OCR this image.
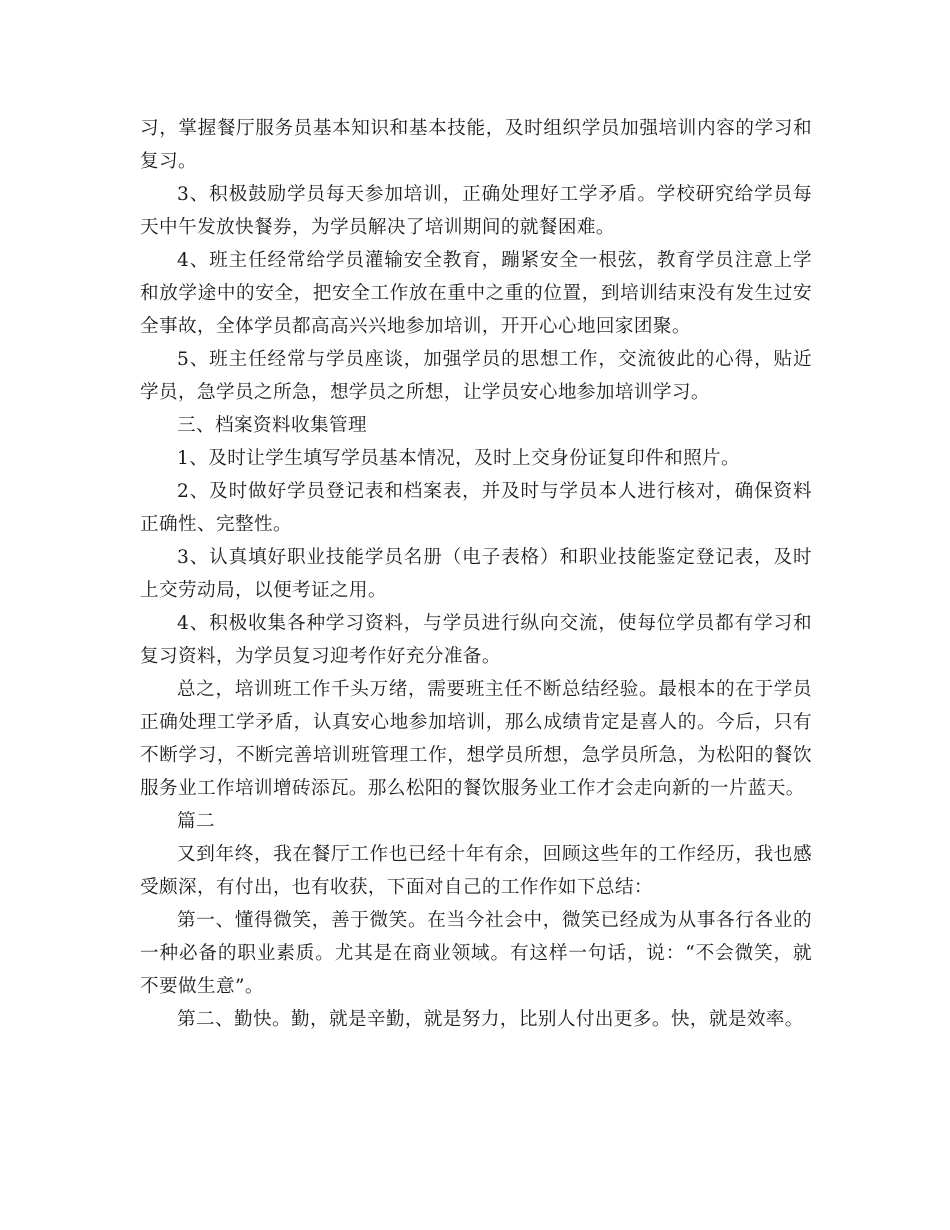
习，掌握餐厅服务员基本知识和基本技能，及时组织学员加强培训内容的学习和复习。

3、积极鼓励学员每天参加培训，正确处理好工学矛盾。学校研究给学员每天中午发放快餐券，为学员解决了培训期间的就餐困难。

4、班主任经常给学员灌输安全教育，蹦紧安全一根弦，教育学员注意上学和放学途中的安全，把安全工作放在重中之重的位置，到培训结束没有发生过安全事故，全体学员都高高兴兴地参加培训，开开心心地回家团聚。

5、班主任经常与学员座谈，加强学员的思想工作，交流彼此的心得，贴近学员，急学员之所急，想学员之所想，让学员安心地参加培训学习。

三、档案资料收集管理

1、及时让学生填写学员基本情况，及时上交身份证复印件和照片。

2、及时做好学员登记表和档案表，并及时与学员本人进行核对，确保资料正确性、完整性。

3、认真填好职业技能学员名册（电子表格）和职业技能鉴定登记表，及时上交劳动局，以便考证之用。

4、积极收集各种学习资料，与学员进行纵向交流，使每位学员都有学习和复习资料，为学员复习迎考作好充分准备。

总之，培训班工作千头万绪，需要班主任不断总结经验。最根本的在于学员正确处理工学矛盾，认真安心地参加培训，那么成绩肯定是喜人的。今后，只有不断学习，不断完善培训班管理工作，想学员所想，急学员所急，为松阳的餐饮服务业工作培训增砖添瓦。那么松阳的餐饮服务业工作才会走向新的一片蓝天。

篇二

又到年终，我在餐厅工作也已经十年有余，回顾这些年的工作经历，我也感受颇深，有付出，也有收获，下面对自己的工作作如下总结：

第一、懂得微笑，善于微笑。在当今社会中，微笑已经成为从事各行各业的一种必备的职业素质。尤其是在商业领域。有这样一句话，说：“不会微笑，就不要做生意”。

第二、勤快。勤，就是辛勤，就是努力，比别人付出更多。快，就是效率。
